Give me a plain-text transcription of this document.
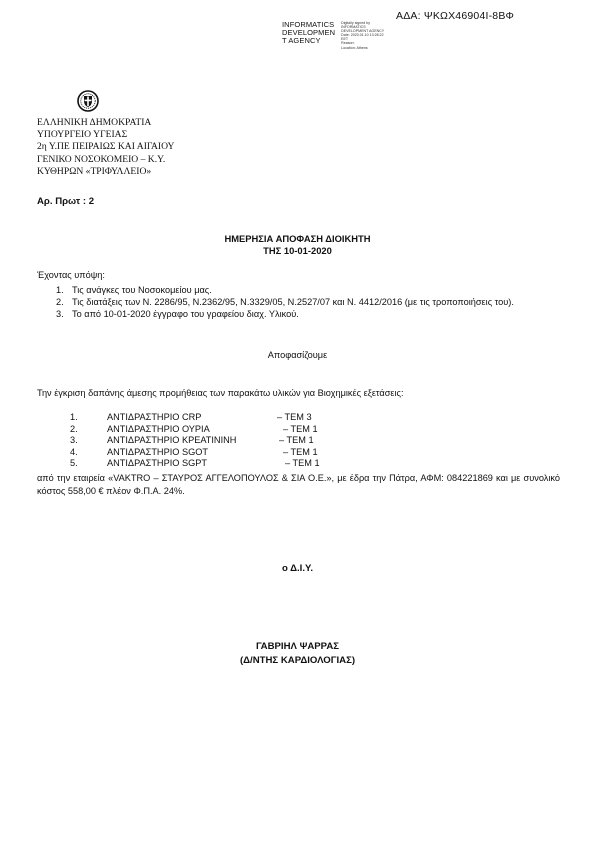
ΑΔΑ: ΨΚΩΧ46904Ι-8ΒΦ
INFORMATICS
DEVELOPMEN
T AGENCY
Digitally signed by
INFORMATICS
DEVELOPMENT AGENCY
Date: 2020.01.10 13:28:22
EET
Reason:
Location: Athens
ΕΛΛΗΝΙΚΗ ΔΗΜΟΚΡΑΤΙΑ
ΥΠΟΥΡΓΕΙΟ ΥΓΕΙΑΣ
2η Υ.ΠΕ ΠΕΙΡΑΙΩΣ ΚΑΙ ΑΙΓΑΙΟΥ
ΓΕΝΙΚΟ ΝΟΣΟΚΟΜΕΙΟ – Κ.Υ.
ΚΥΘΗΡΩΝ «ΤΡΙΦΥΛΛΕΙΟ»
Αρ. Πρωτ : 2
ΗΜΕΡΗΣΙΑ ΑΠΟΦΑΣΗ ΔΙΟΙΚΗΤΗ
ΤΗΣ 10-01-2020
Έχοντας υπόψη:
1. Τις ανάγκες του Νοσοκομείου μας.
2. Τις διατάξεις των Ν. 2286/95, Ν.2362/95, Ν.3329/05, Ν.2527/07 και Ν. 4412/2016 (με τις τροποποιήσεις του).
3. Το από 10-01-2020 έγγραφο του γραφείου διαχ. Υλικού.
Αποφασίζουμε
Την έγκριση δαπάνης άμεσης προμήθειας των παρακάτω υλικών για Βιοχημικές εξετάσεις:
1.	ΑΝΤΙΔΡΑΣΤΗΡΙΟ CRP	– ΤΕΜ 3
2.	ΑΝΤΙΔΡΑΣΤΗΡΙΟ ΟΥΡΙΑ	– ΤΕΜ 1
3.	ΑΝΤΙΔΡΑΣΤΗΡΙΟ ΚΡΕΑΤΙΝΙΝΗ	– ΤΕΜ 1
4.	ΑΝΤΙΔΡΑΣΤΗΡΙΟ SGOT	– ΤΕΜ 1
5.	ΑΝΤΙΔΡΑΣΤΗΡΙΟ SGPT	– ΤΕΜ 1
από την εταιρεία «VAKTRO – ΣΤΑΥΡΟΣ ΑΓΓΕΛΟΠΟΥΛΟΣ & ΣΙΑ Ο.Ε.», με έδρα την Πάτρα, ΑΦΜ: 084221869 και με συνολικό κόστος 558,00 € πλέον Φ.Π.Α. 24%.
ο Δ.Ι.Υ.
ΓΑΒΡΙΗΛ ΨΑΡΡΑΣ
(Δ/ΝΤΗΣ ΚΑΡΔΙΟΛΟΓΙΑΣ)
